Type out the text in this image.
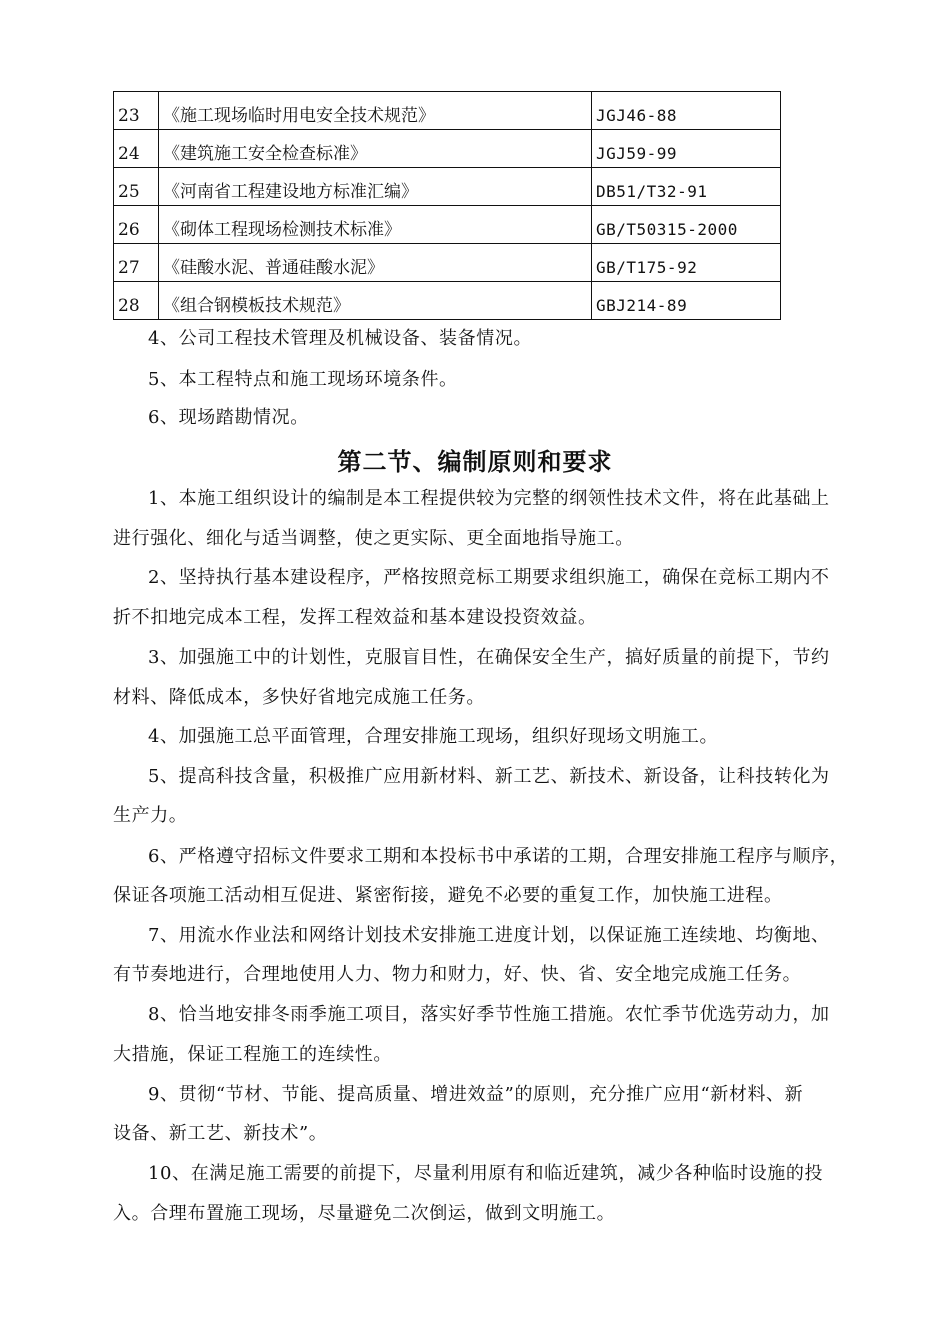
23	《施工现场临时用电安全技术规范》	JGJ46-88
24	《建筑施工安全检查标准》	JGJ59-99
25	《河南省工程建设地方标准汇编》	DB51/T32-91
26	《砌体工程现场检测技术标准》	GB/T50315-2000
27	《硅酸水泥、普通硅酸水泥》	GB/T175-92
28	《组合钢模板技术规范》	GBJ214-89
4、公司工程技术管理及机械设备、装备情况。
5、本工程特点和施工现场环境条件。
6、现场踏勘情况。
第二节、编制原则和要求
1、本施工组织设计的编制是本工程提供较为完整的纲领性技术文件，将在此基础上
进行强化、细化与适当调整，使之更实际、更全面地指导施工。
2、坚持执行基本建设程序，严格按照竞标工期要求组织施工，确保在竞标工期内不
折不扣地完成本工程，发挥工程效益和基本建设投资效益。
3、加强施工中的计划性，克服盲目性，在确保安全生产，搞好质量的前提下，节约
材料、降低成本，多快好省地完成施工任务。
4、加强施工总平面管理，合理安排施工现场，组织好现场文明施工。
5、提高科技含量，积极推广应用新材料、新工艺、新技术、新设备，让科技转化为
生产力。
6、严格遵守招标文件要求工期和本投标书中承诺的工期，合理安排施工程序与顺序，
保证各项施工活动相互促进、紧密衔接，避免不必要的重复工作，加快施工进程。
7、用流水作业法和网络计划技术安排施工进度计划，以保证施工连续地、均衡地、
有节奏地进行，合理地使用人力、物力和财力，好、快、省、安全地完成施工任务。
8、恰当地安排冬雨季施工项目，落实好季节性施工措施。农忙季节优选劳动力，加
大措施，保证工程施工的连续性。
9、贯彻“节材、节能、提高质量、增进效益”的原则，充分推广应用“新材料、新
设备、新工艺、新技术”。
10、在满足施工需要的前提下，尽量利用原有和临近建筑，减少各种临时设施的投
入。合理布置施工现场，尽量避免二次倒运，做到文明施工。
